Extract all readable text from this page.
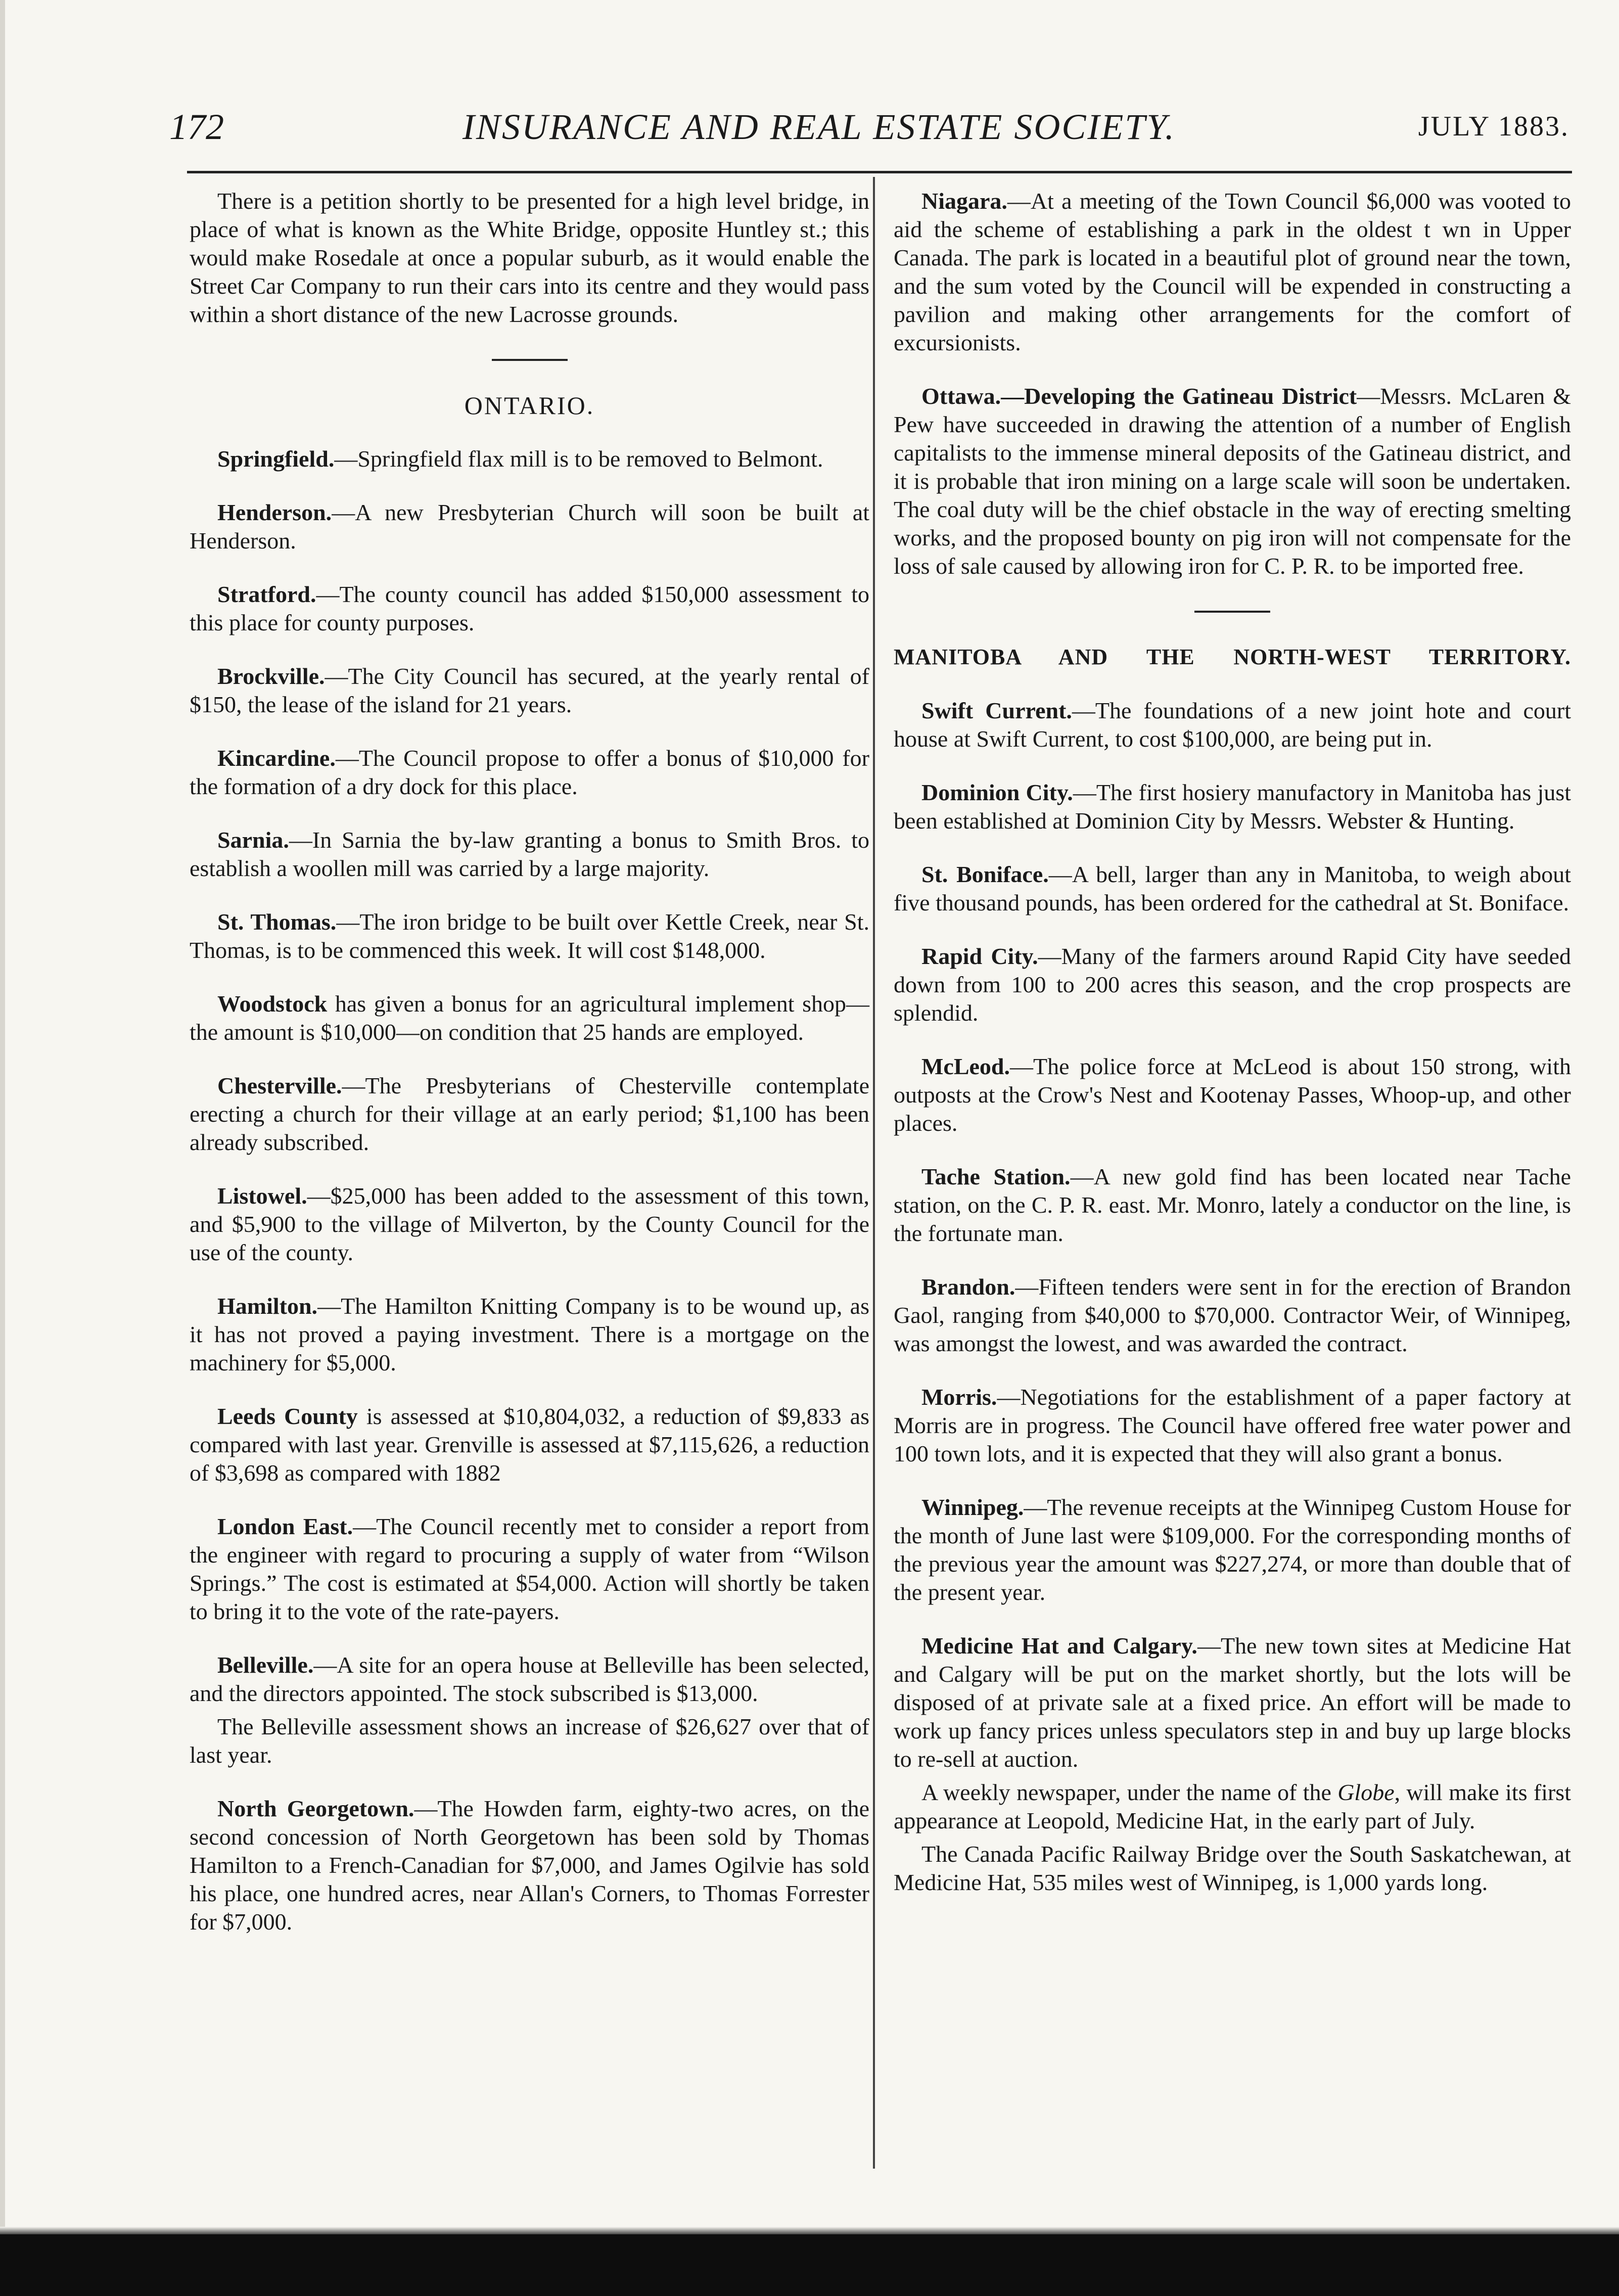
172	INSURANCE AND REAL ESTATE SOCIETY.	JULY 1883.

There is a petition shortly to be presented for a high level bridge, in place of what is known as the White Bridge, opposite Huntley st.; this would make Rosedale at once a popular suburb, as it would enable the Street Car Company to run their cars into its centre and they would pass within a short distance of the new Lacrosse grounds.

ONTARIO.

Springfield.—Springfield flax mill is to be removed to Belmont.

Henderson.—A new Presbyterian Church will soon be built at Henderson.

Stratford.—The county council has added $150,000 assessment to this place for county purposes.

Brockville.—The City Council has secured, at the yearly rental of $150, the lease of the island for 21 years.

Kincardine.—The Council propose to offer a bonus of $10,000 for the formation of a dry dock for this place.

Sarnia.—In Sarnia the by-law granting a bonus to Smith Bros. to establish a woollen mill was carried by a large majority.

St. Thomas.—The iron bridge to be built over Kettle Creek, near St. Thomas, is to be commenced this week. It will cost $148,000.

Woodstock has given a bonus for an agricultural implement shop—the amount is $10,000—on condition that 25 hands are employed.

Chesterville.—The Presbyterians of Chesterville contemplate erecting a church for their village at an early period; $1,100 has been already subscribed.

Listowel.—$25,000 has been added to the assessment of this town, and $5,900 to the village of Milverton, by the County Council for the use of the county.

Hamilton.—The Hamilton Knitting Company is to be wound up, as it has not proved a paying investment. There is a mortgage on the machinery for $5,000.

Leeds County is assessed at $10,804,032, a reduction of $9,833 as compared with last year. Grenville is assessed at $7,115,626, a reduction of $3,698 as compared with 1882

London East.—The Council recently met to consider a report from the engineer with regard to procuring a supply of water from “Wilson Springs.” The cost is estimated at $54,000. Action will shortly be taken to bring it to the vote of the rate-payers.

Belleville.—A site for an opera house at Belleville has been selected, and the directors appointed. The stock subscribed is $13,000.

The Belleville assessment shows an increase of $26,627 over that of last year.

North Georgetown.—The Howden farm, eighty-two acres, on the second concession of North Georgetown has been sold by Thomas Hamilton to a French-Canadian for $7,000, and James Ogilvie has sold his place, one hundred acres, near Allan's Corners, to Thomas Forrester for $7,000.

Niagara.—At a meeting of the Town Council $6,000 was vooted to aid the scheme of establishing a park in the oldest t wn in Upper Canada. The park is located in a beautiful plot of ground near the town, and the sum voted by the Council will be expended in constructing a pavilion and making other arrangements for the comfort of excursionists.

Ottawa.—Developing the Gatineau District—Messrs. McLaren & Pew have succeeded in drawing the attention of a number of English capitalists to the immense mineral deposits of the Gatineau district, and it is probable that iron mining on a large scale will soon be undertaken. The coal duty will be the chief obstacle in the way of erecting smelting works, and the proposed bounty on pig iron will not compensate for the loss of sale caused by allowing iron for C. P. R. to be imported free.

MANITOBA AND THE NORTH-WEST TERRITORY.

Swift Current.—The foundations of a new joint hote and court house at Swift Current, to cost $100,000, are being put in.

Dominion City.—The first hosiery manufactory in Manitoba has just been established at Dominion City by Messrs. Webster & Hunting.

St. Boniface.—A bell, larger than any in Manitoba, to weigh about five thousand pounds, has been ordered for the cathedral at St. Boniface.

Rapid City.—Many of the farmers around Rapid City have seeded down from 100 to 200 acres this season, and the crop prospects are splendid.

McLeod.—The police force at McLeod is about 150 strong, with outposts at the Crow's Nest and Kootenay Passes, Whoop-up, and other places.

Tache Station.—A new gold find has been located near Tache station, on the C. P. R. east. Mr. Monro, lately a conductor on the line, is the fortunate man.

Brandon.—Fifteen tenders were sent in for the erection of Brandon Gaol, ranging from $40,000 to $70,000. Contractor Weir, of Winnipeg, was amongst the lowest, and was awarded the contract.

Morris.—Negotiations for the establishment of a paper factory at Morris are in progress. The Council have offered free water power and 100 town lots, and it is expected that they will also grant a bonus.

Winnipeg.—The revenue receipts at the Winnipeg Custom House for the month of June last were $109,000. For the corresponding months of the previous year the amount was $227,274, or more than double that of the present year.

Medicine Hat and Calgary.—The new town sites at Medicine Hat and Calgary will be put on the market shortly, but the lots will be disposed of at private sale at a fixed price. An effort will be made to work up fancy prices unless speculators step in and buy up large blocks to re-sell at auction.

A weekly newspaper, under the name of the Globe, will make its first appearance at Leopold, Medicine Hat, in the early part of July.

The Canada Pacific Railway Bridge over the South Saskatchewan, at Medicine Hat, 535 miles west of Winnipeg, is 1,000 yards long.
